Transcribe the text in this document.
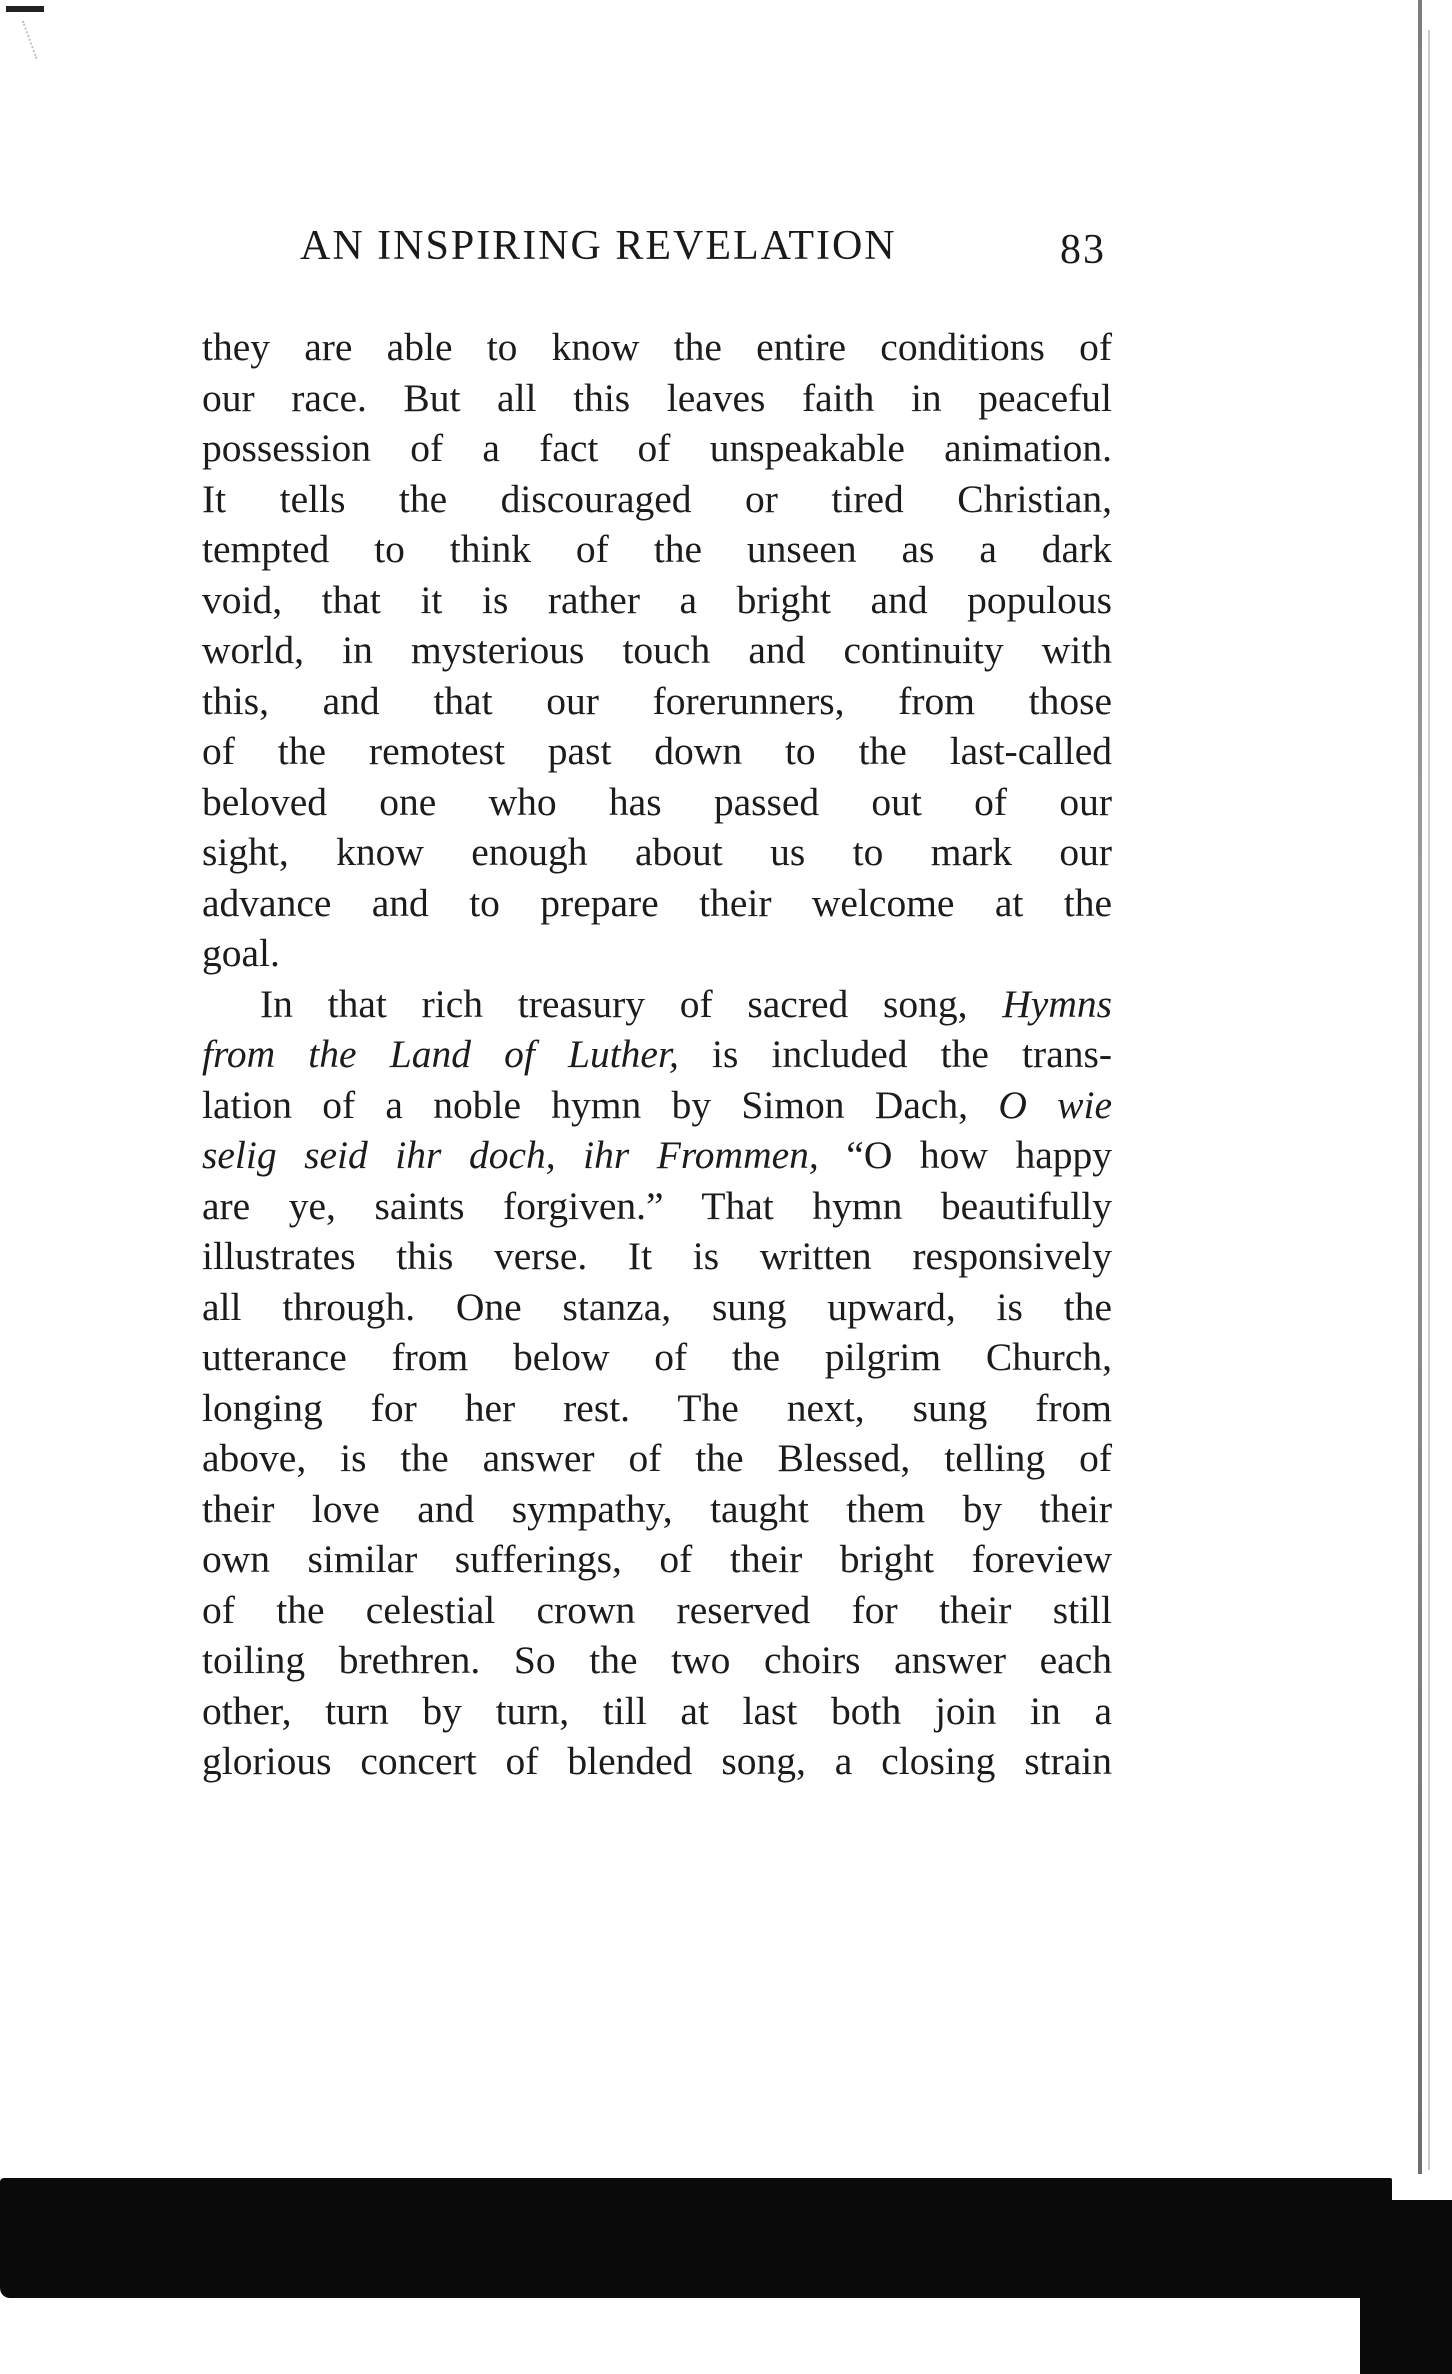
AN INSPIRING REVELATION	83
they are able to know the entire conditions of
our race. But all this leaves faith in peaceful
possession of a fact of unspeakable animation.
It tells the discouraged or tired Christian,
tempted to think of the unseen as a dark
void, that it is rather a bright and populous
world, in mysterious touch and continuity with
this, and that our forerunners, from those
of the remotest past down to the last-called
beloved one who has passed out of our
sight, know enough about us to mark our
advance and to prepare their welcome at the
goal.
In that rich treasury of sacred song, Hymns
from the Land of Luther, is included the trans-
lation of a noble hymn by Simon Dach, O wie
selig seid ihr doch, ihr Frommen, “O how happy
are ye, saints forgiven.” That hymn beautifully
illustrates this verse. It is written responsively
all through. One stanza, sung upward, is the
utterance from below of the pilgrim Church,
longing for her rest. The next, sung from
above, is the answer of the Blessed, telling of
their love and sympathy, taught them by their
own similar sufferings, of their bright foreview
of the celestial crown reserved for their still
toiling brethren. So the two choirs answer each
other, turn by turn, till at last both join in a
glorious concert of blended song, a closing strain
